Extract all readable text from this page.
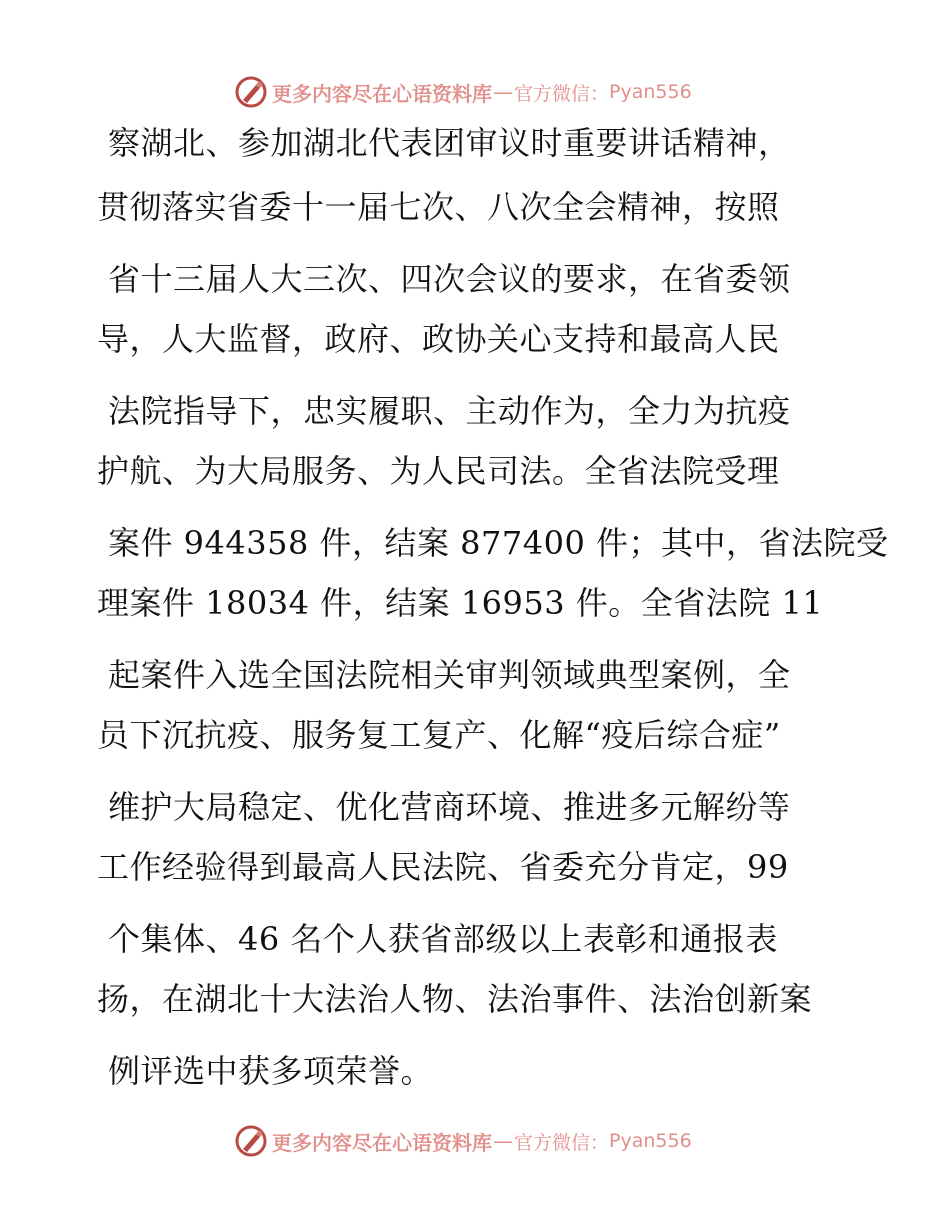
更多内容尽在心语资料库 — 官方微信： Pyan556
察湖北、参加湖北代表团审议时重要讲话精神，
贯彻落实省委十一届七次、八次全会精神，按照
省十三届人大三次、四次会议的要求，在省委领
导，人大监督，政府、政协关心支持和最高人民
法院指导下，忠实履职、主动作为，全力为抗疫
护航、为大局服务、为人民司法。全省法院受理
案件 944358 件，结案 877400 件；其中，省法院受
理案件 18034 件，结案 16953 件。全省法院 11
起案件入选全国法院相关审判领域典型案例，全
员下沉抗疫、服务复工复产、化解“疫后综合症”
维护大局稳定、优化营商环境、推进多元解纷等
工作经验得到最高人民法院、省委充分肯定，99
个集体、46 名个人获省部级以上表彰和通报表
扬，在湖北十大法治人物、法治事件、法治创新案
例评选中获多项荣誉。
更多内容尽在心语资料库 — 官方微信： Pyan556
